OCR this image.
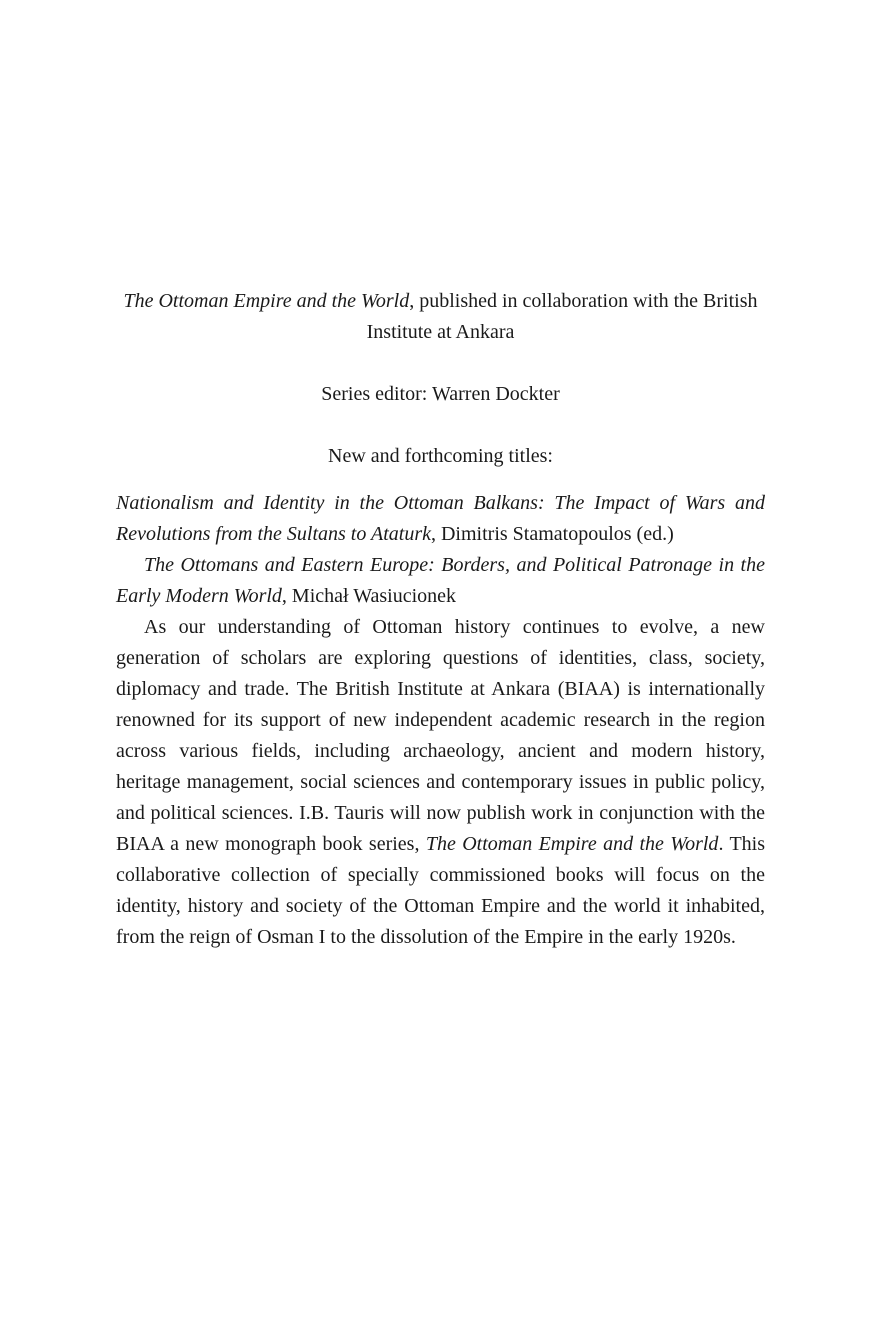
The Ottoman Empire and the World, published in collaboration with the British Institute at Ankara

Series editor: Warren Dockter

New and forthcoming titles:

Nationalism and Identity in the Ottoman Balkans: The Impact of Wars and Revolutions from the Sultans to Ataturk, Dimitris Stamatopoulos (ed.)

The Ottomans and Eastern Europe: Borders, and Political Patronage in the Early Modern World, Michał Wasiucionek

As our understanding of Ottoman history continues to evolve, a new generation of scholars are exploring questions of identities, class, society, diplomacy and trade. The British Institute at Ankara (BIAA) is internationally renowned for its support of new independent academic research in the region across various fields, including archaeology, ancient and modern history, heritage management, social sciences and contemporary issues in public policy, and political sciences. I.B. Tauris will now publish work in conjunction with the BIAA a new monograph book series, The Ottoman Empire and the World. This collaborative collection of specially commissioned books will focus on the identity, history and society of the Ottoman Empire and the world it inhabited, from the reign of Osman I to the dissolution of the Empire in the early 1920s.
